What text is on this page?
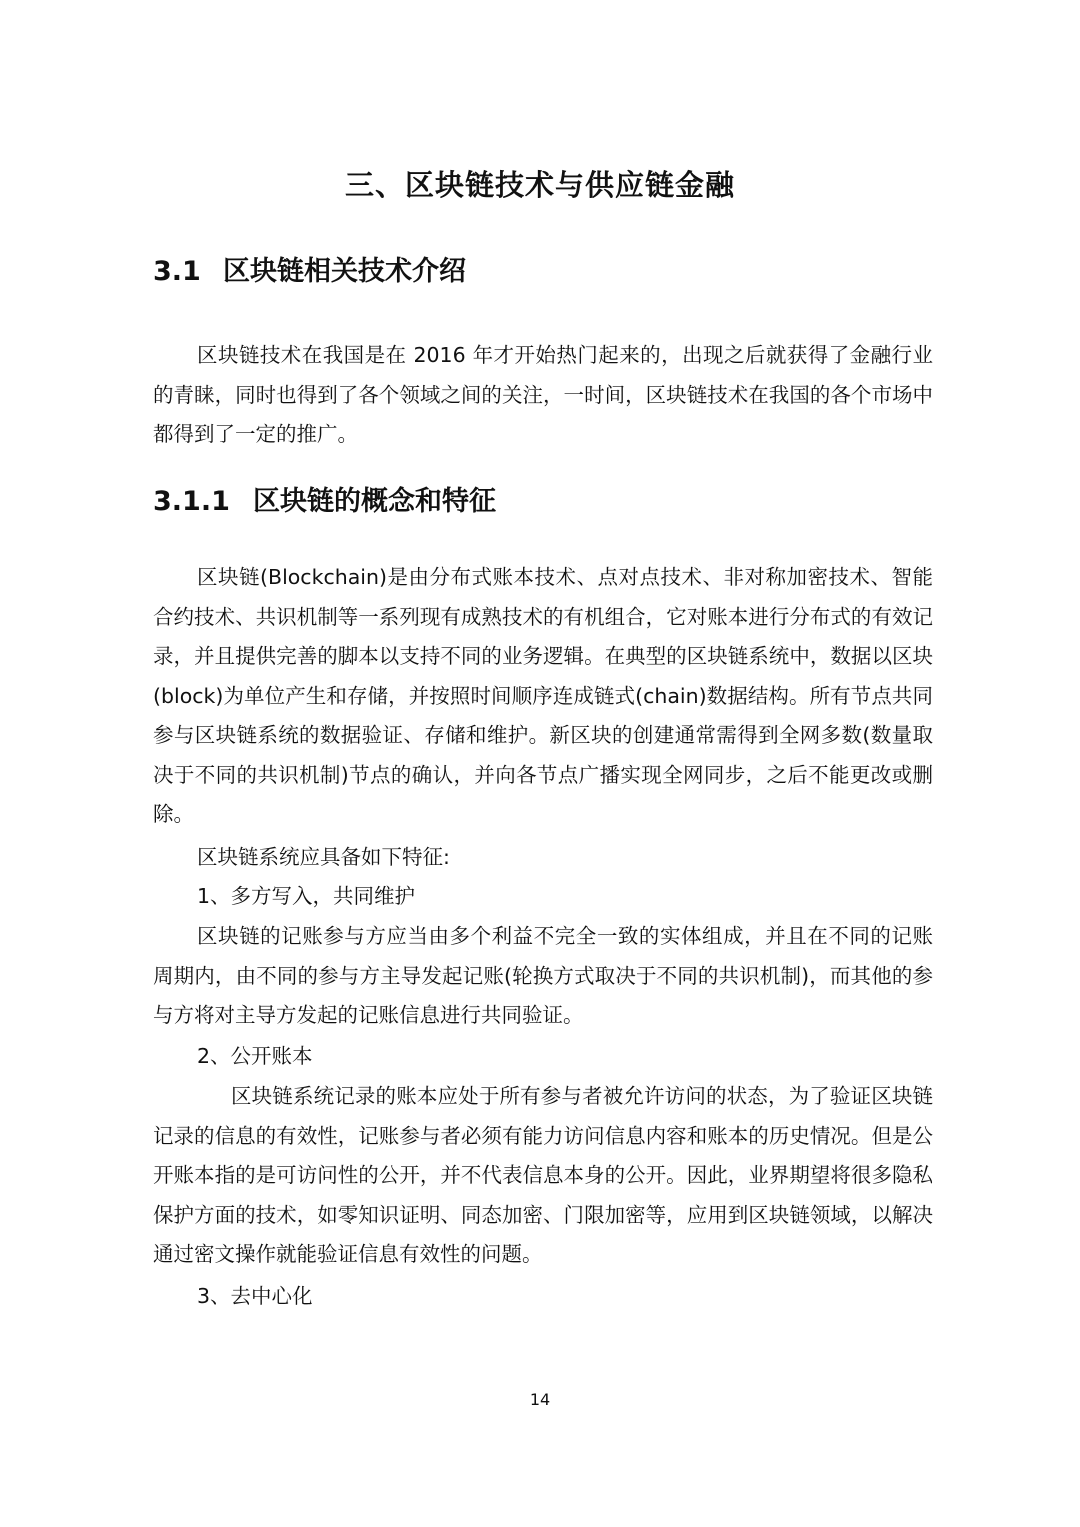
三、区块链技术与供应链金融
3.1 区块链相关技术介绍
区块链技术在我国是在 2016 年才开始热门起来的，出现之后就获得了金融行业的青睐，同时也得到了各个领域之间的关注，一时间，区块链技术在我国的各个市场中都得到了一定的推广。
3.1.1 区块链的概念和特征
区块链(Blockchain)是由分布式账本技术、点对点技术、非对称加密技术、智能合约技术、共识机制等一系列现有成熟技术的有机组合，它对账本进行分布式的有效记录，并且提供完善的脚本以支持不同的业务逻辑。在典型的区块链系统中，数据以区块 (block)为单位产生和存储，并按照时间顺序连成链式(chain)数据结构。所有节点共同参与区块链系统的数据验证、存储和维护。新区块的创建通常需得到全网多数(数量取决于不同的共识机制)节点的确认，并向各节点广播实现全网同步，之后不能更改或删除。
区块链系统应具备如下特征:
1、多方写入，共同维护
区块链的记账参与方应当由多个利益不完全一致的实体组成，并且在不同的记账周期内，由不同的参与方主导发起记账(轮换方式取决于不同的共识机制)，而其他的参与方将对主导方发起的记账信息进行共同验证。
2、公开账本
区块链系统记录的账本应处于所有参与者被允许访问的状态，为了验证区块链记录的信息的有效性，记账参与者必须有能力访问信息内容和账本的历史情况。但是公开账本指的是可访问性的公开，并不代表信息本身的公开。因此，业界期望将很多隐私保护方面的技术，如零知识证明、同态加密、门限加密等，应用到区块链领域，以解决通过密文操作就能验证信息有效性的问题。
3、去中心化
14
